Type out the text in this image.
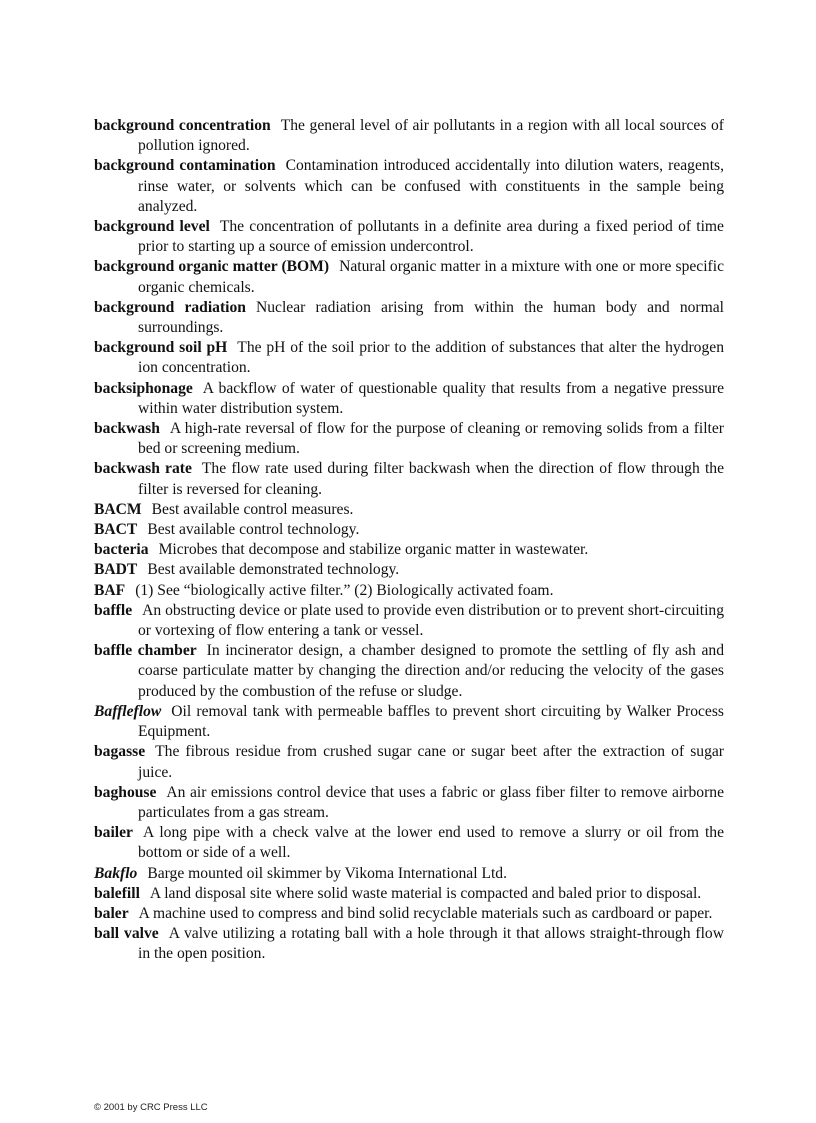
background concentration The general level of air pollutants in a region with all local sources of pollution ignored.

background contamination Contamination introduced accidentally into dilution waters, reagents, rinse water, or solvents which can be confused with constituents in the sample being analyzed.

background level The concentration of pollutants in a definite area during a fixed period of time prior to starting up a source of emission undercontrol.

background organic matter (BOM) Natural organic matter in a mixture with one or more specific organic chemicals.

background radiation Nuclear radiation arising from within the human body and normal surroundings.

background soil pH The pH of the soil prior to the addition of substances that alter the hydrogen ion concentration.

backsiphonage A backflow of water of questionable quality that results from a negative pressure within water distribution system.

backwash A high-rate reversal of flow for the purpose of cleaning or removing solids from a filter bed or screening medium.

backwash rate The flow rate used during filter backwash when the direction of flow through the filter is reversed for cleaning.

BACM Best available control measures.

BACT Best available control technology.

bacteria Microbes that decompose and stabilize organic matter in wastewater.

BADT Best available demonstrated technology.

BAF (1) See “biologically active filter.” (2) Biologically activated foam.

baffle An obstructing device or plate used to provide even distribution or to prevent short-circuiting or vortexing of flow entering a tank or vessel.

baffle chamber In incinerator design, a chamber designed to promote the settling of fly ash and coarse particulate matter by changing the direction and/or reducing the velocity of the gases produced by the combustion of the refuse or sludge.

Baffleflow Oil removal tank with permeable baffles to prevent short circuiting by Walker Process Equipment.

bagasse The fibrous residue from crushed sugar cane or sugar beet after the extraction of sugar juice.

baghouse An air emissions control device that uses a fabric or glass fiber filter to remove airborne particulates from a gas stream.

bailer A long pipe with a check valve at the lower end used to remove a slurry or oil from the bottom or side of a well.

Bakflo Barge mounted oil skimmer by Vikoma International Ltd.

balefill A land disposal site where solid waste material is compacted and baled prior to disposal.

baler A machine used to compress and bind solid recyclable materials such as cardboard or paper.

ball valve A valve utilizing a rotating ball with a hole through it that allows straight-through flow in the open position.

© 2001 by CRC Press LLC
